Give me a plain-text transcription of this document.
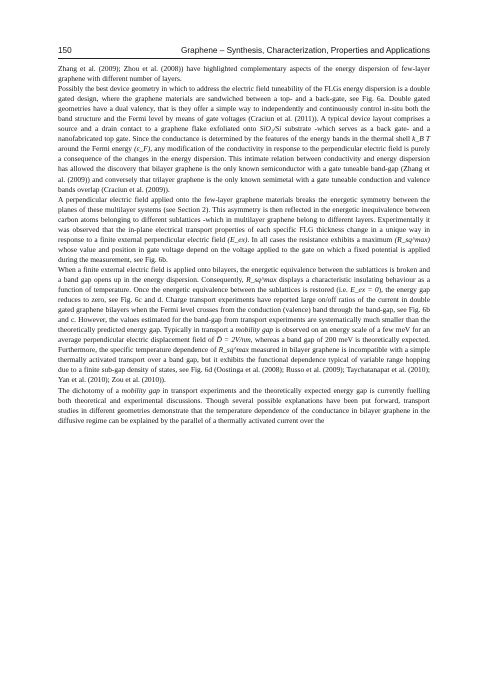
150	Graphene – Synthesis, Characterization, Properties and Applications

Zhang et al. (2009); Zhou et al. (2008)) have highlighted complementary aspects of the energy dispersion of few-layer graphene with different number of layers.

Possibly the best device geometry in which to address the electric field tuneability of the FLGs energy dispersion is a double gated design, where the graphene materials are sandwiched between a top- and a back-gate, see Fig. 6a. Double gated geometries have a dual valency, that is they offer a simple way to independently and continuously control in-situ both the band structure and the Fermi level by means of gate voltages (Craciun et al. (2011)). A typical device layout comprises a source and a drain contact to a graphene flake exfoliated onto SiO₂/Si substrate -which serves as a back gate- and a nanofabricated top gate. Since the conductance is determined by the features of the energy bands in the thermal shell k_B T around the Fermi energy (ε_F), any modification of the conductivity in response to the perpendicular electric field is purely a consequence of the changes in the energy dispersion. This intimate relation between conductivity and energy dispersion has allowed the discovery that bilayer graphene is the only known semiconductor with a gate tuneable band-gap (Zhang et al. (2009)) and conversely that trilayer graphene is the only known semimetal with a gate tuneable conduction and valence bands overlap (Craciun et al. (2009)).

A perpendicular electric field applied onto the few-layer graphene materials breaks the energetic symmetry between the planes of these multilayer systems (see Section 2). This asymmetry is then reflected in the energetic inequivalence between carbon atoms belonging to different sublattices -which in multilayer graphene belong to different layers. Experimentally it was observed that the in-plane electrical transport properties of each specific FLG thickness change in a unique way in response to a finite external perpendicular electric field (E_ex). In all cases the resistance exhibits a maximum (R_sq^max) whose value and position in gate voltage depend on the voltage applied to the gate on which a fixed potential is applied during the measurement, see Fig. 6b.

When a finite external electric field is applied onto bilayers, the energetic equivalence between the sublattices is broken and a band gap opens up in the energy dispersion. Consequently, R_sq^max displays a characteristic insulating behaviour as a function of temperature. Once the energetic equivalence between the sublattices is restored (i.e. E_ex = 0), the energy gap reduces to zero, see Fig. 6c and d. Charge transport experiments have reported large on/off ratios of the current in double gated graphene bilayers when the Fermi level crosses from the conduction (valence) band through the band-gap, see Fig. 6b and c. However, the values estimated for the band-gap from transport experiments are systematically much smaller than the theoretically predicted energy gap. Typically in transport a mobility gap is observed on an energy scale of a few meV for an average perpendicular electric displacement field of D̄ = 2V/nm, whereas a band gap of 200 meV is theoretically expected. Furthermore, the specific temperature dependence of R_sq^max measured in bilayer graphene is incompatible with a simple thermally activated transport over a band gap, but it exhibits the functional dependence typical of variable range hopping due to a finite sub-gap density of states, see Fig. 6d (Oostinga et al. (2008); Russo et al. (2009); Taychatanapat et al. (2010); Yan et al. (2010); Zou et al. (2010)).

The dichotomy of a mobility gap in transport experiments and the theoretically expected energy gap is currently fuelling both theoretical and experimental discussions. Though several possible explanations have been put forward, transport studies in different geometries demonstrate that the temperature dependence of the conductance in bilayer graphene in the diffusive regime can be explained by the parallel of a thermally activated current over the
